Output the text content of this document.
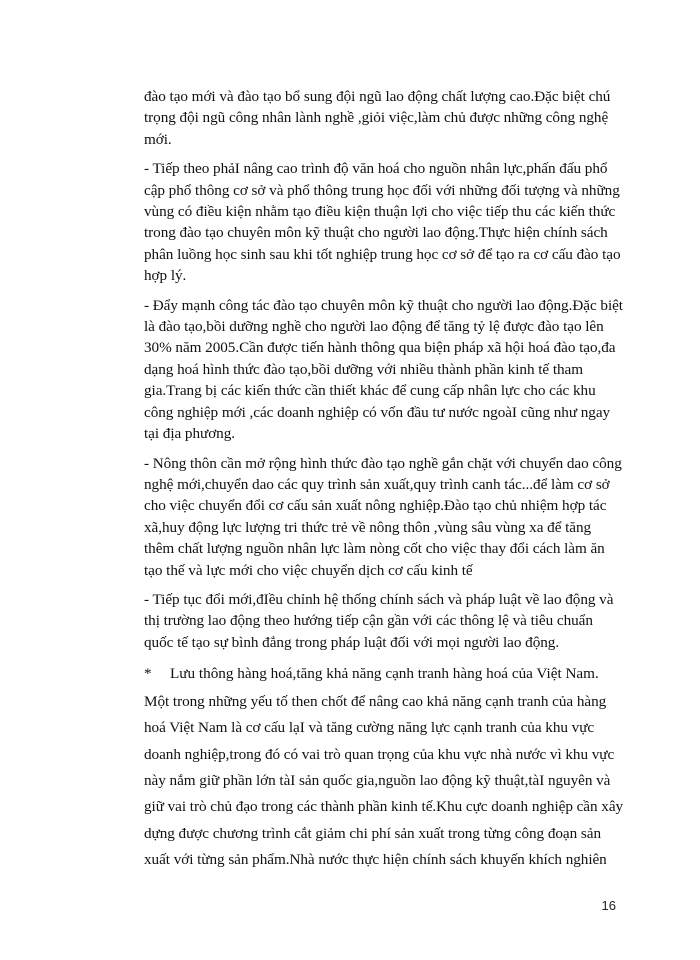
đào tạo mới và đào tạo bổ sung đội ngũ lao động chất lượng cao.Đặc biệt chú
trọng đội ngũ công nhân lành nghề ,giỏi việc,làm chủ được những công nghệ
mới.

- Tiếp theo phảI nâng cao trình độ văn hoá cho nguồn nhân lực,phấn đấu phổ
cập phổ thông cơ sở và phổ thông trung học đối với những đối tượng và những
vùng có điều kiện nhằm tạo điều kiện thuận lợi cho việc tiếp thu các kiến thức
trong đào tạo chuyên môn kỹ thuật cho người lao động.Thực hiện chính sách
phân luồng học sinh sau khi tốt nghiệp trung học cơ sở để tạo ra cơ cấu đào tạo
hợp lý.

- Đẩy mạnh công tác đào tạo chuyên môn kỹ thuật cho người lao động.Đặc biệt
là đào tạo,bồi dưỡng nghề cho người lao động để tăng tỷ lệ được đào tạo lên
30% năm 2005.Cần được tiến hành thông qua biện pháp xã hội hoá đào tạo,đa
dạng hoá hình thức đào tạo,bồi dưỡng với nhiều thành phần kinh tế tham
gia.Trang bị các kiến thức cần thiết khác để cung cấp nhân lực cho các khu
công nghiệp mới ,các doanh nghiệp có vốn đầu tư nước ngoàI cũng như ngay
tại địa phương.

- Nông thôn cần mở rộng hình thức đào tạo nghề gắn chặt với chuyển dao công
nghệ mới,chuyển dao các quy trình sản xuất,quy trình canh tác...để làm cơ sở
cho việc chuyển đổi cơ cấu sản xuất nông nghiệp.Đào tạo chủ nhiệm hợp tác
xã,huy động lực lượng tri thức trẻ về nông thôn ,vùng sâu vùng xa để tăng
thêm chất lượng nguồn nhân lực làm nòng cốt cho việc thay đổi cách làm ăn
tạo thế và lực mới cho việc chuyển dịch cơ cấu kinh tế

- Tiếp tục đổi mới,đIều chỉnh hệ thống chính sách và pháp luật về lao động và
thị trường lao động theo hướng tiếp cận gần với các thông lệ và tiêu chuẩn
quốc tế tạo sự bình đẳng trong pháp luật đối với mọi người lao động.

* Lưu thông hàng hoá,tăng khả năng cạnh tranh hàng hoá của Việt Nam.

Một trong những yếu tố then chốt để nâng cao khả năng cạnh tranh của hàng
hoá Việt Nam là cơ cấu lạI và tăng cường năng lực cạnh tranh của khu vực
doanh nghiệp,trong đó có vai trò quan trọng của khu vực nhà nước vì khu vực
này nắm giữ phần lớn tàI sản quốc gia,nguồn lao động kỹ thuật,tàI nguyên và
giữ vai trò chủ đạo trong các thành phần kinh tế.Khu cực doanh nghiệp cần xây
dựng được chương trình cắt giảm chi phí sản xuất trong từng công đoạn sản
xuất với từng sản phẩm.Nhà nước thực hiện chính sách khuyến khích nghiên

16
